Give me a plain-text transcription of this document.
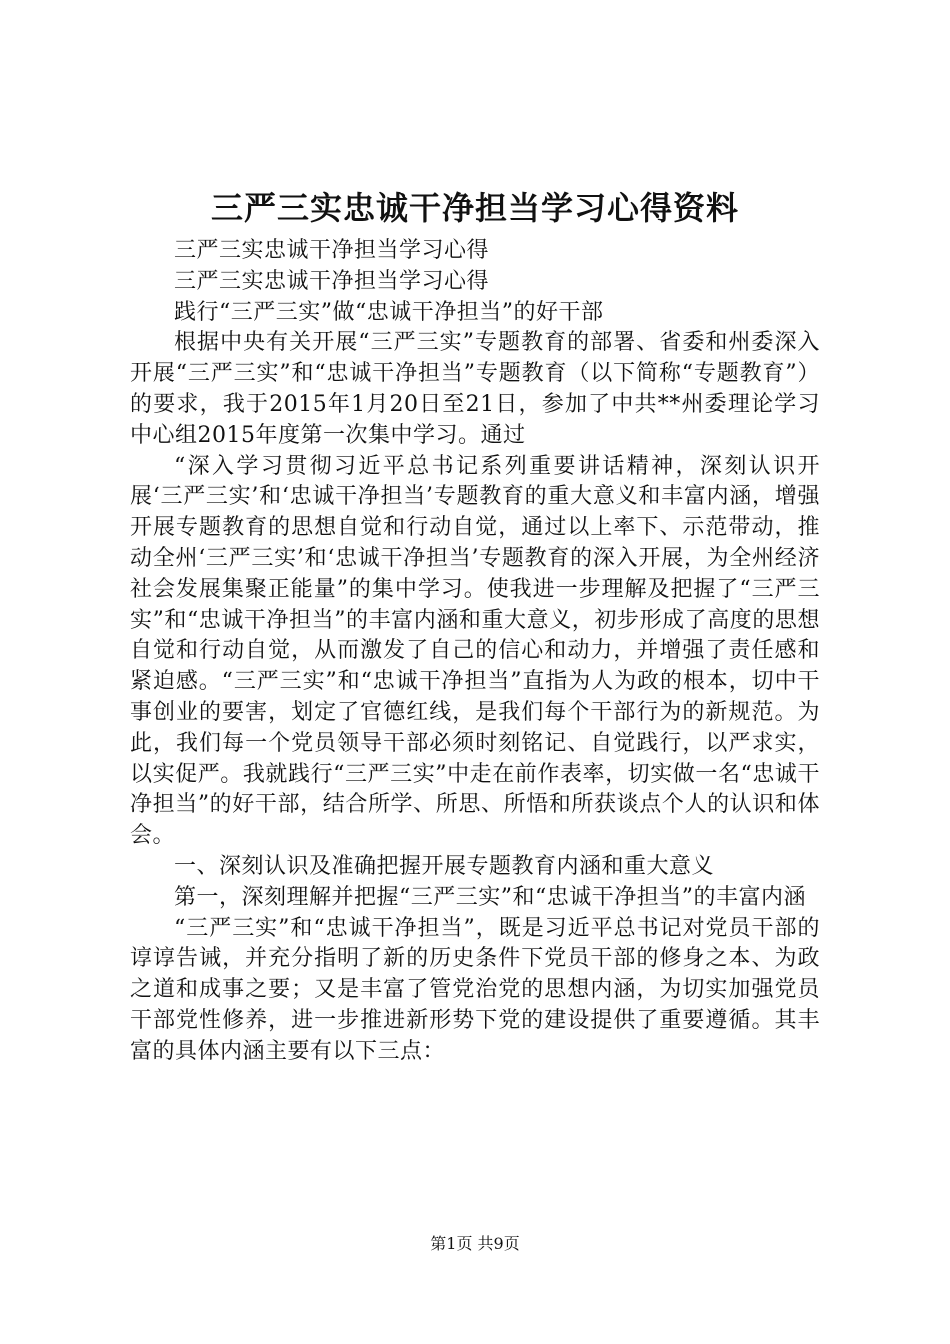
三严三实忠诚干净担当学习心得资料

三严三实忠诚干净担当学习心得

三严三实忠诚干净担当学习心得

践行“三严三实”做“忠诚干净担当”的好干部

根据中央有关开展“三严三实”专题教育的部署、省委和州委深入开展“三严三实”和“忠诚干净担当”专题教育（以下简称“专题教育”）的要求，我于2015年1月20日至21日，参加了中共**州委理论学习中心组2015年度第一次集中学习。通过

“深入学习贯彻习近平总书记系列重要讲话精神，深刻认识开展‘三严三实’和‘忠诚干净担当’专题教育的重大意义和丰富内涵，增强开展专题教育的思想自觉和行动自觉，通过以上率下、示范带动，推动全州‘三严三实’和‘忠诚干净担当’专题教育的深入开展，为全州经济社会发展集聚正能量”的集中学习。使我进一步理解及把握了“三严三实”和“忠诚干净担当”的丰富内涵和重大意义，初步形成了高度的思想自觉和行动自觉，从而激发了自己的信心和动力，并增强了责任感和紧迫感。“三严三实”和“忠诚干净担当”直指为人为政的根本，切中干事创业的要害，划定了官德红线，是我们每个干部行为的新规范。为此，我们每一个党员领导干部必须时刻铭记、自觉践行，以严求实，以实促严。我就践行“三严三实”中走在前作表率，切实做一名“忠诚干净担当”的好干部，结合所学、所思、所悟和所获谈点个人的认识和体会。

一、深刻认识及准确把握开展专题教育内涵和重大意义

第一，深刻理解并把握“三严三实”和“忠诚干净担当”的丰富内涵

“三严三实”和“忠诚干净担当”，既是习近平总书记对党员干部的谆谆告诫，并充分指明了新的历史条件下党员干部的修身之本、为政之道和成事之要；又是丰富了管党治党的思想内涵，为切实加强党员干部党性修养，进一步推进新形势下党的建设提供了重要遵循。其丰富的具体内涵主要有以下三点：

第1页 共9页
